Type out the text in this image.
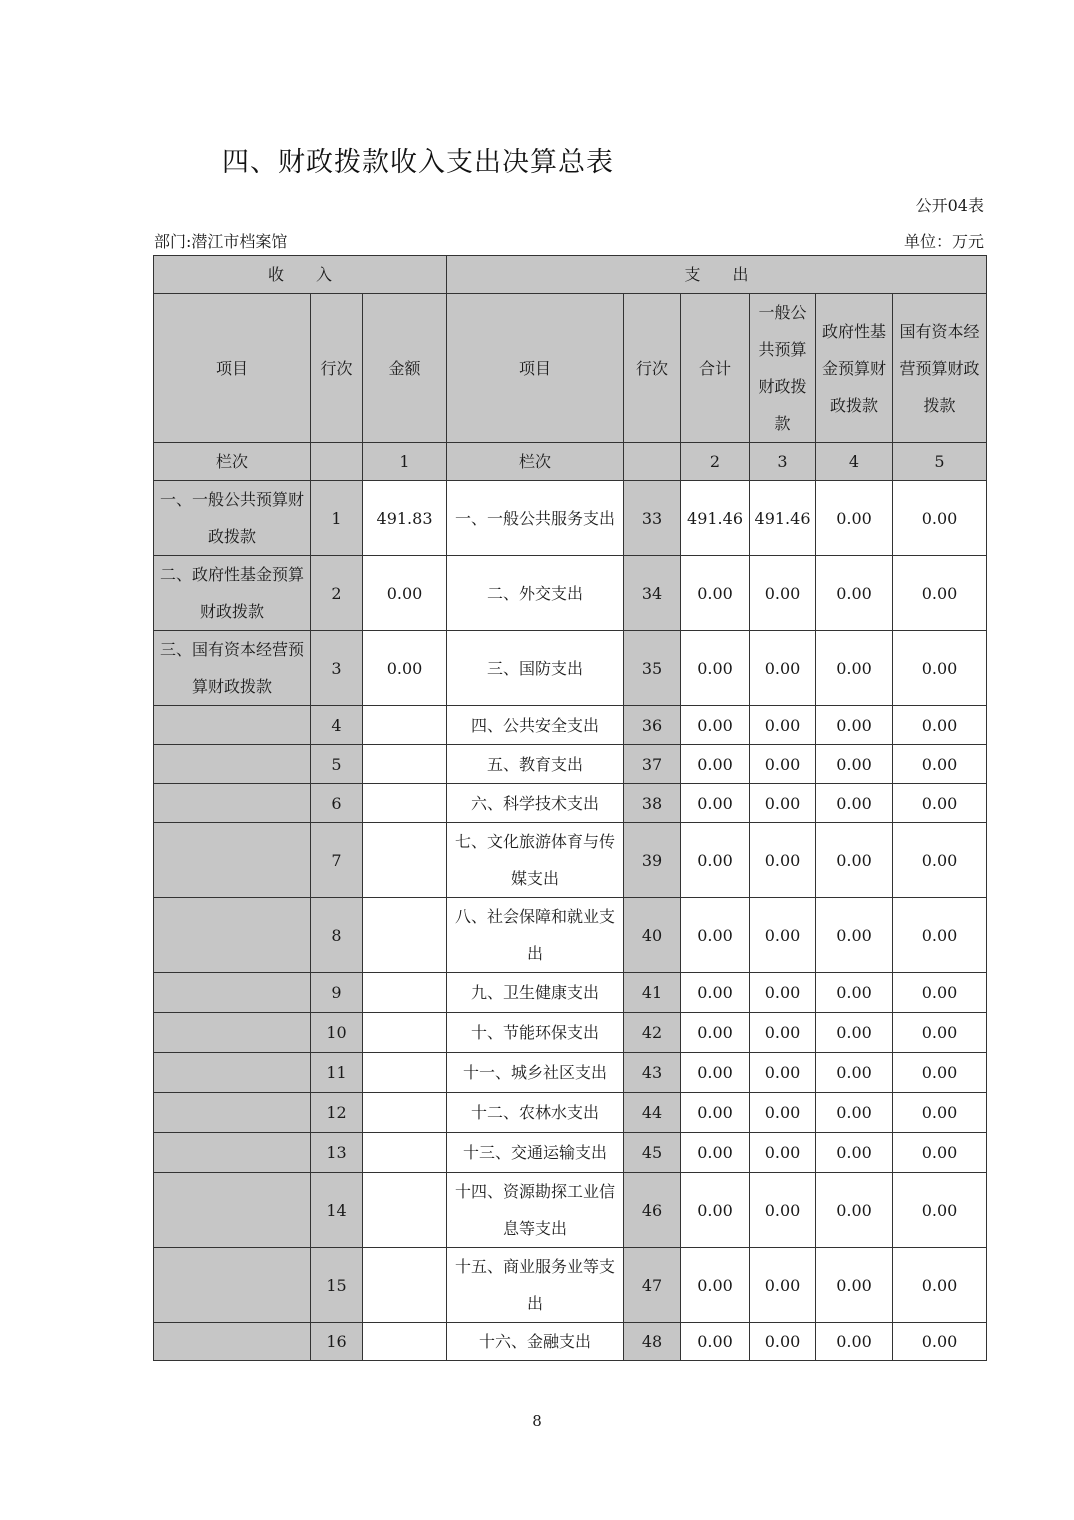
四、财政拨款收入支出决算总表
公开04表
部门:潜江市档案馆	单位：万元
收　　入			支　　出					
项目	行次	金额	项目	行次	合计	一般公共预算财政拨款	政府性基金预算财政拨款	国有资本经营预算财政拨款
栏次		1	栏次		2	3	4	5
一、一般公共预算财政拨款	1	491.83	一、一般公共服务支出	33	491.46	491.46	0.00	0.00
二、政府性基金预算财政拨款	2	0.00	二、外交支出	34	0.00	0.00	0.00	0.00
三、国有资本经营预算财政拨款	3	0.00	三、国防支出	35	0.00	0.00	0.00	0.00
	4		四、公共安全支出	36	0.00	0.00	0.00	0.00
	5		五、教育支出	37	0.00	0.00	0.00	0.00
	6		六、科学技术支出	38	0.00	0.00	0.00	0.00
	7		七、文化旅游体育与传媒支出	39	0.00	0.00	0.00	0.00
	8		八、社会保障和就业支出	40	0.00	0.00	0.00	0.00
	9		九、卫生健康支出	41	0.00	0.00	0.00	0.00
	10		十、节能环保支出	42	0.00	0.00	0.00	0.00
	11		十一、城乡社区支出	43	0.00	0.00	0.00	0.00
	12		十二、农林水支出	44	0.00	0.00	0.00	0.00
	13		十三、交通运输支出	45	0.00	0.00	0.00	0.00
	14		十四、资源勘探工业信息等支出	46	0.00	0.00	0.00	0.00
	15		十五、商业服务业等支出	47	0.00	0.00	0.00	0.00
	16		十六、金融支出	48	0.00	0.00	0.00	0.00
8
